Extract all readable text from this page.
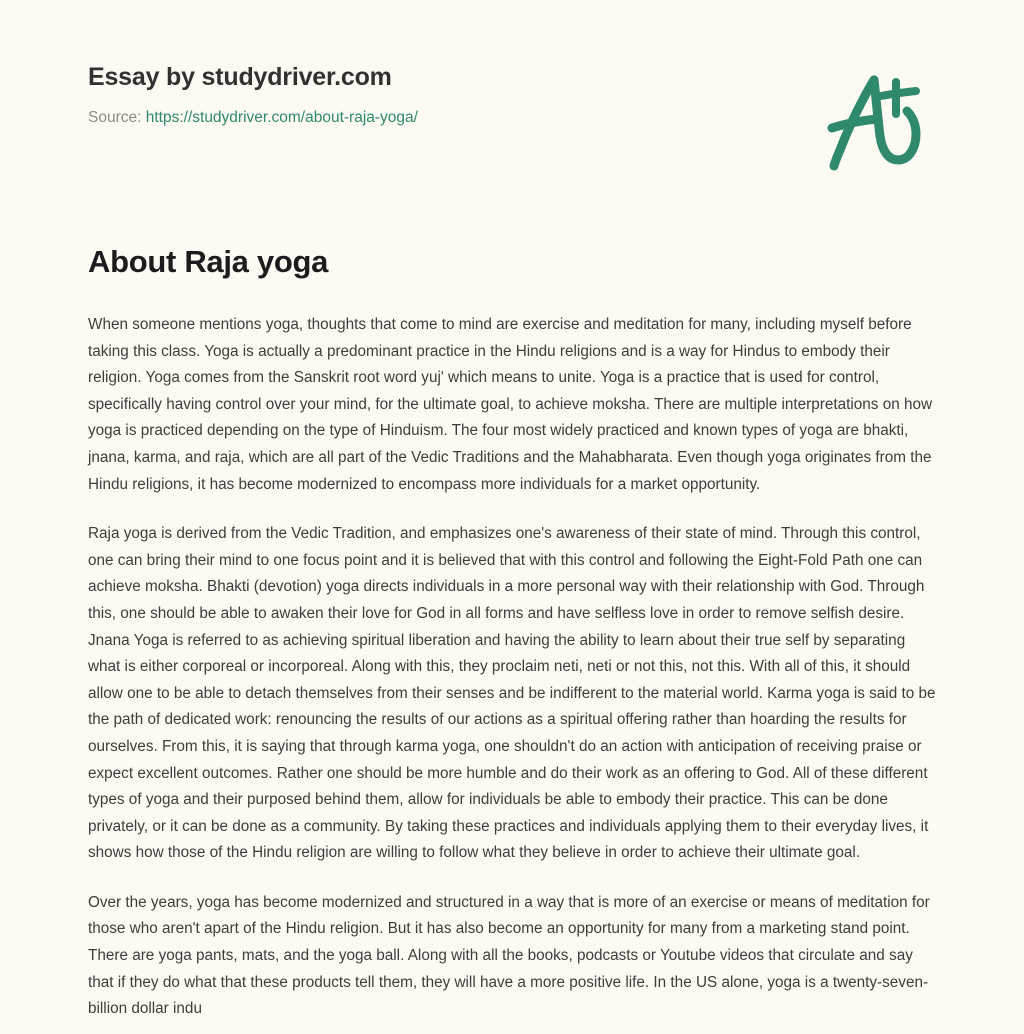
Essay by studydriver.com
Source: https://studydriver.com/about-raja-yoga/
About Raja yoga

When someone mentions yoga, thoughts that come to mind are exercise and meditation for many, including myself before taking this class. Yoga is actually a predominant practice in the Hindu religions and is a way for Hindus to embody their religion. Yoga comes from the Sanskrit root word yuj' which means to unite. Yoga is a practice that is used for control, specifically having control over your mind, for the ultimate goal, to achieve moksha. There are multiple interpretations on how yoga is practiced depending on the type of Hinduism. The four most widely practiced and known types of yoga are bhakti, jnana, karma, and raja, which are all part of the Vedic Traditions and the Mahabharata. Even though yoga originates from the Hindu religions, it has become modernized to encompass more individuals for a market opportunity.

Raja yoga is derived from the Vedic Tradition, and emphasizes one's awareness of their state of mind. Through this control, one can bring their mind to one focus point and it is believed that with this control and following the Eight-Fold Path one can achieve moksha. Bhakti (devotion) yoga directs individuals in a more personal way with their relationship with God. Through this, one should be able to awaken their love for God in all forms and have selfless love in order to remove selfish desire. Jnana Yoga is referred to as achieving spiritual liberation and having the ability to learn about their true self by separating what is either corporeal or incorporeal. Along with this, they proclaim neti, neti or not this, not this. With all of this, it should allow one to be able to detach themselves from their senses and be indifferent to the material world. Karma yoga is said to be the path of dedicated work: renouncing the results of our actions as a spiritual offering rather than hoarding the results for ourselves. From this, it is saying that through karma yoga, one shouldn't do an action with anticipation of receiving praise or expect excellent outcomes. Rather one should be more humble and do their work as an offering to God. All of these different types of yoga and their purposed behind them, allow for individuals be able to embody their practice. This can be done privately, or it can be done as a community. By taking these practices and individuals applying them to their everyday lives, it shows how those of the Hindu religion are willing to follow what they believe in order to achieve their ultimate goal.

Over the years, yoga has become modernized and structured in a way that is more of an exercise or means of meditation for those who aren't apart of the Hindu religion. But it has also become an opportunity for many from a marketing stand point. There are yoga pants, mats, and the yoga ball. Along with all the books, podcasts or Youtube videos that circulate and say that if they do what that these products tell them, they will have a more positive life. In the US alone, yoga is a twenty-seven-billion dollar indu
